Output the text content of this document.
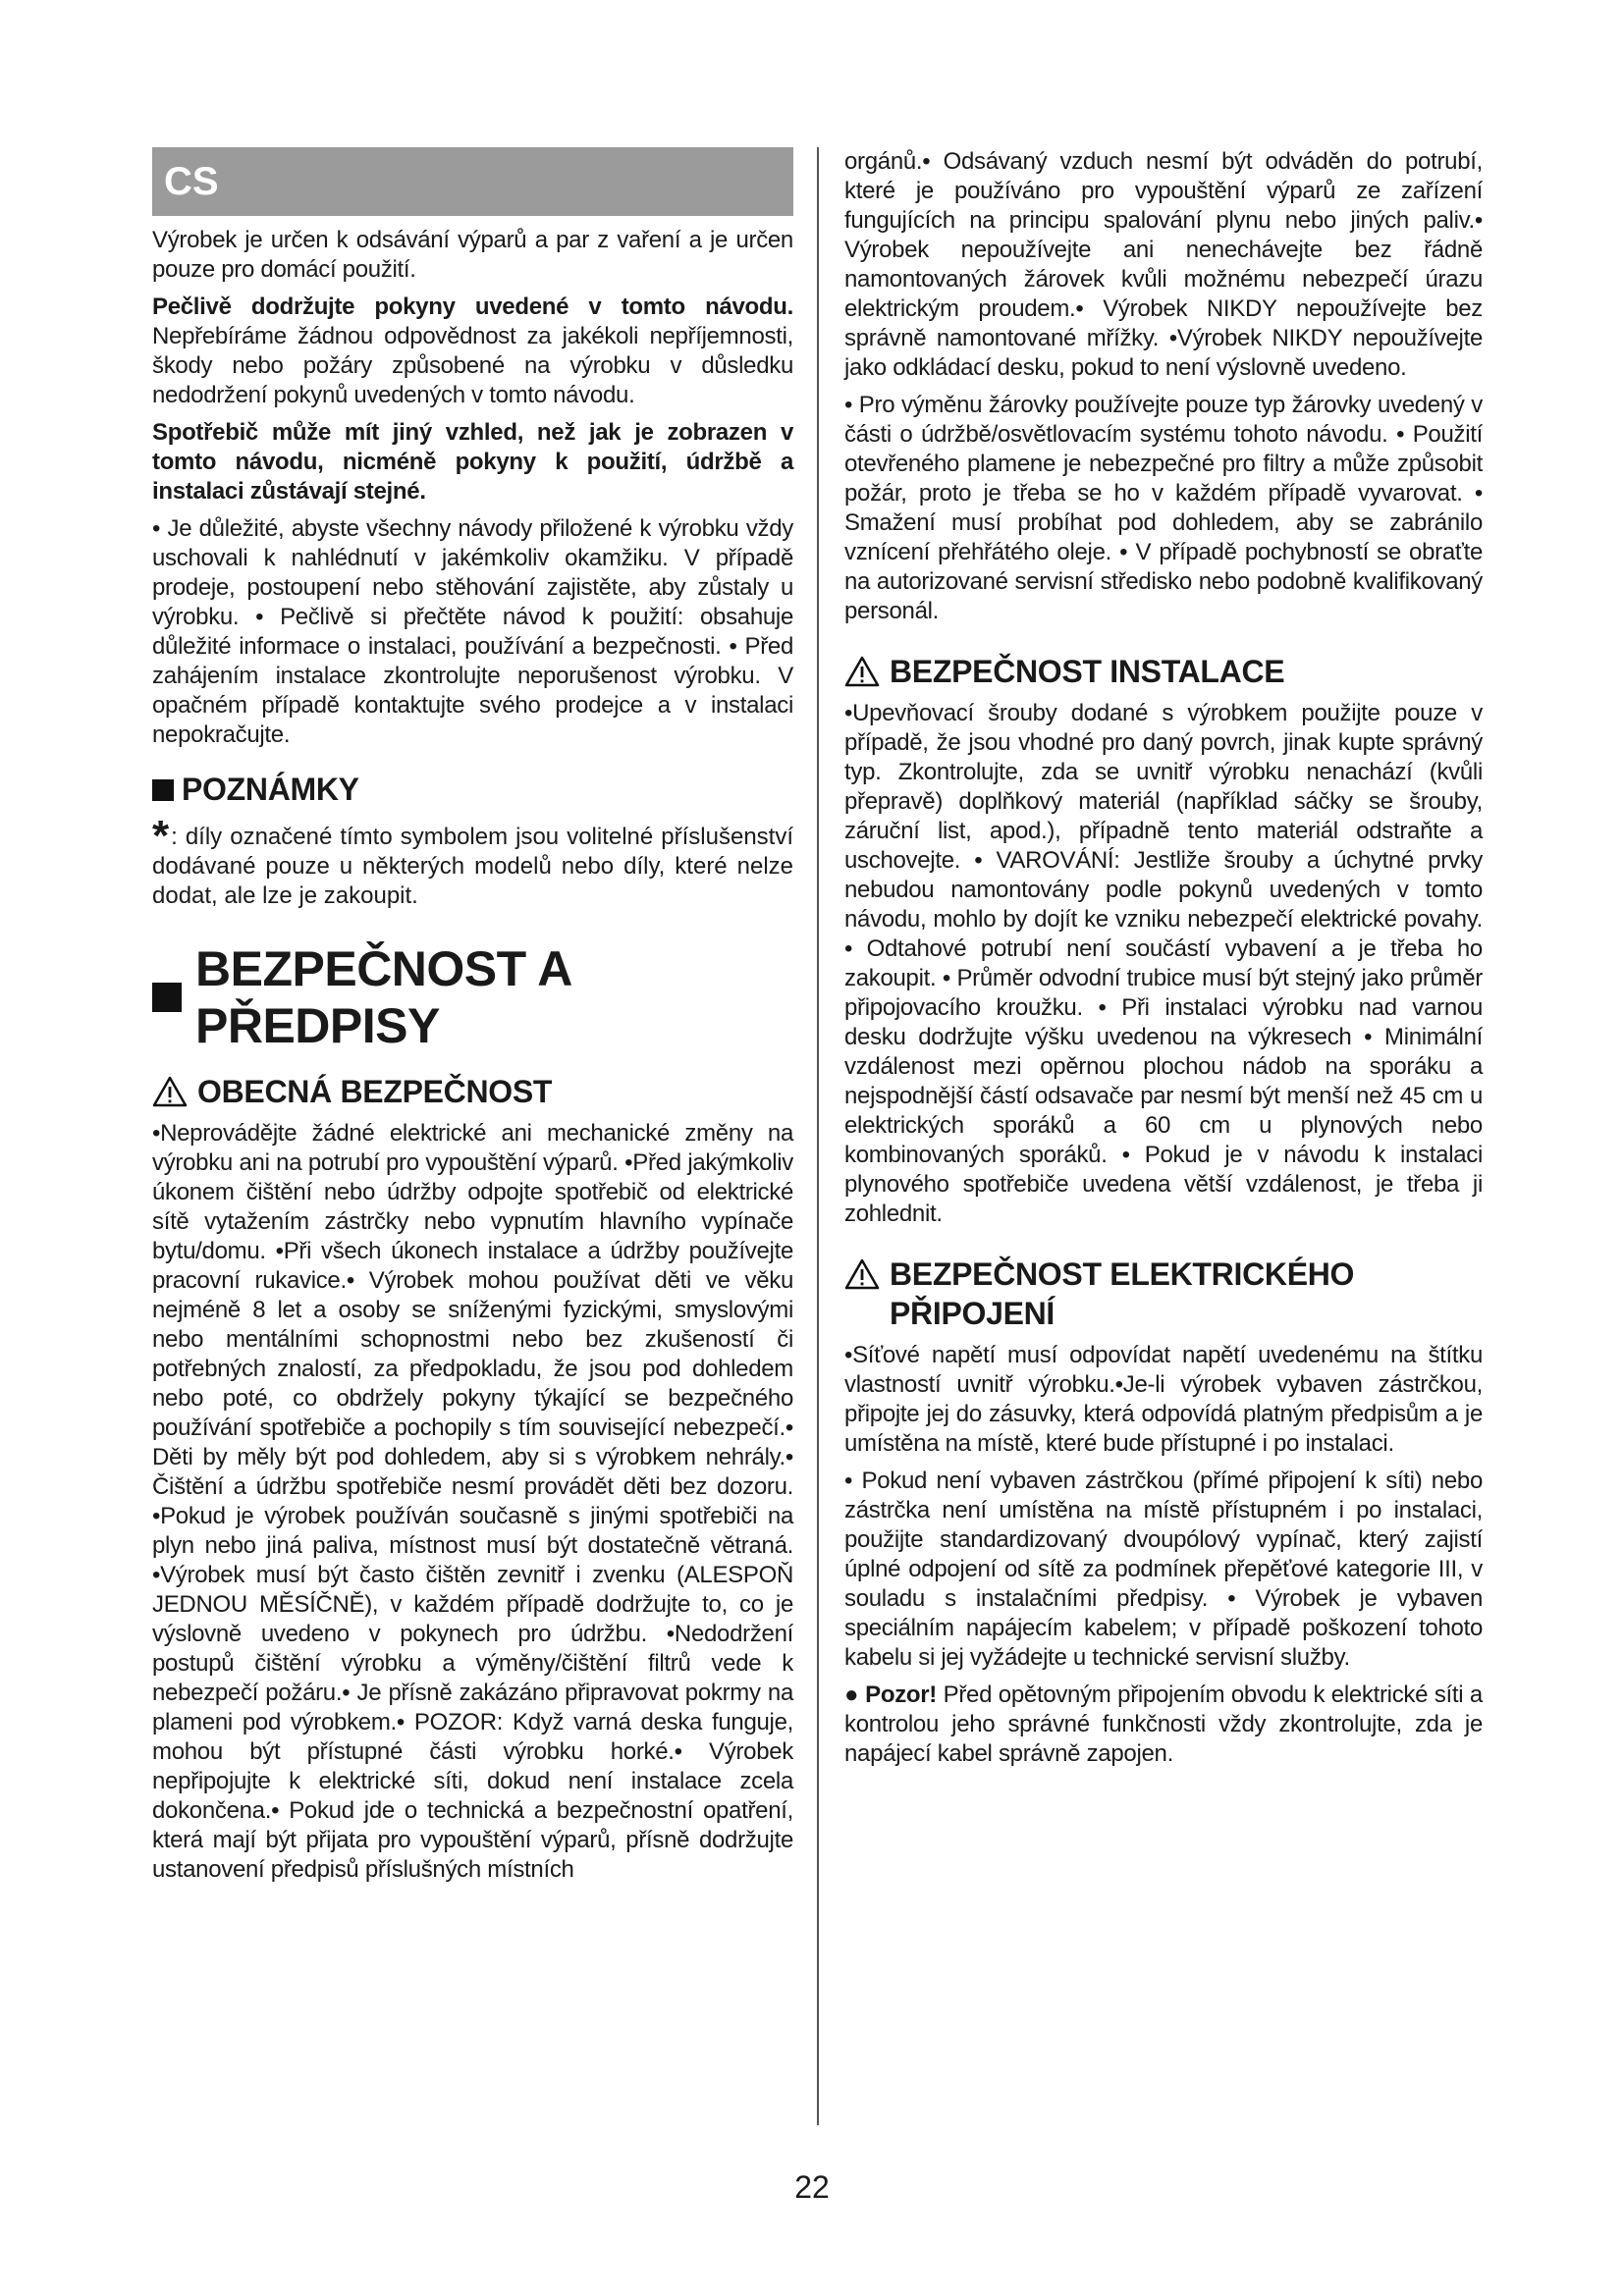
CS

Výrobek je určen k odsávání výparů a par z vaření a je určen pouze pro domácí použití.

Pečlivě dodržujte pokyny uvedené v tomto návodu. Nepřebíráme žádnou odpovědnost za jakékoli nepříjemnosti, škody nebo požáry způsobené na výrobku v důsledku nedodržení pokynů uvedených v tomto návodu.

Spotřebič může mít jiný vzhled, než jak je zobrazen v tomto návodu, nicméně pokyny k použití, údržbě a instalaci zůstávají stejné.

• Je důležité, abyste všechny návody přiložené k výrobku vždy uschovali k nahlédnutí v jakémkoliv okamžiku. V případě prodeje, postoupení nebo stěhování zajistěte, aby zůstaly u výrobku. • Pečlivě si přečtěte návod k použití: obsahuje důležité informace o instalaci, používání a bezpečnosti. • Před zahájením instalace zkontrolujte neporušenost výrobku. V opačném případě kontaktujte svého prodejce a v instalaci nepokračujte.

POZNÁMKY
*: díly označené tímto symbolem jsou volitelné příslušenství dodávané pouze u některých modelů nebo díly, které nelze dodat, ale lze je zakoupit.
BEZPEČNOST A PŘEDPISY
OBECNÁ BEZPEČNOST

•Neprovádějte žádné elektrické ani mechanické změny na výrobku ani na potrubí pro vypouštění výparů. •Před jakýmkoliv úkonem čištění nebo údržby odpojte spotřebič od elektrické sítě vytažením zástrčky nebo vypnutím hlavního vypínače bytu/domu. •Při všech úkonech instalace a údržby používejte pracovní rukavice.• Výrobek mohou používat děti ve věku nejméně 8 let a osoby se sníženými fyzickými, smyslovými nebo mentálními schopnostmi nebo bez zkušeností či potřebných znalostí, za předpokladu, že jsou pod dohledem nebo poté, co obdržely pokyny týkající se bezpečného používání spotřebiče a pochopily s tím související nebezpečí.• Děti by měly být pod dohledem, aby si s výrobkem nehrály.• Čištění a údržbu spotřebiče nesmí provádět děti bez dozoru. •Pokud je výrobek používán současně s jinými spotřebiči na plyn nebo jiná paliva, místnost musí být dostatečně větraná. •Výrobek musí být často čištěn zevnitř i zvenku (ALESPOŇ JEDNOU MĚSÍČNĚ), v každém případě dodržujte to, co je výslovně uvedeno v pokynech pro údržbu. •Nedodržení postupů čištění výrobku a výměny/čištění filtrů vede k nebezpečí požáru.• Je přísně zakázáno připravovat pokrmy na plameni pod výrobkem.• POZOR: Když varná deska funguje, mohou být přístupné části výrobku horké.• Výrobek nepřipojujte k elektrické síti, dokud není instalace zcela dokončena.• Pokud jde o technická a bezpečnostní opatření, která mají být přijata pro vypouštění výparů, přísně dodržujte ustanovení předpisů příslušných místních

orgánů.• Odsávaný vzduch nesmí být odváděn do potrubí, které je používáno pro vypouštění výparů ze zařízení fungujících na principu spalování plynu nebo jiných paliv.• Výrobek nepoužívejte ani nenechávejte bez řádně namontovaných žárovek kvůli možnému nebezpečí úrazu elektrickým proudem.• Výrobek NIKDY nepoužívejte bez správně namontované mřížky. •Výrobek NIKDY nepoužívejte jako odkládací desku, pokud to není výslovně uvedeno.

• Pro výměnu žárovky používejte pouze typ žárovky uvedený v části o údržbě/osvětlovacím systému tohoto návodu. • Použití otevřeného plamene je nebezpečné pro filtry a může způsobit požár, proto je třeba se ho v každém případě vyvarovat. • Smažení musí probíhat pod dohledem, aby se zabránilo vznícení přehřátého oleje. • V případě pochybností se obraťte na autorizované servisní středisko nebo podobně kvalifikovaný personál.

BEZPEČNOST INSTALACE

•Upevňovací šrouby dodané s výrobkem použijte pouze v případě, že jsou vhodné pro daný povrch, jinak kupte správný typ. Zkontrolujte, zda se uvnitř výrobku nenachází (kvůli přepravě) doplňkový materiál (například sáčky se šrouby, záruční list, apod.), případně tento materiál odstraňte a uschovejte. • VAROVÁNÍ: Jestliže šrouby a úchytné prvky nebudou namontovány podle pokynů uvedených v tomto návodu, mohlo by dojít ke vzniku nebezpečí elektrické povahy. • Odtahové potrubí není součástí vybavení a je třeba ho zakoupit. • Průměr odvodní trubice musí být stejný jako průměr připojovacího kroužku. • Při instalaci výrobku nad varnou desku dodržujte výšku uvedenou na výkresech • Minimální vzdálenost mezi opěrnou plochou nádob na sporáku a nejspodnější částí odsavače par nesmí být menší než 45 cm u elektrických sporáků a 60 cm u plynových nebo kombinovaných sporáků. • Pokud je v návodu k instalaci plynového spotřebiče uvedena větší vzdálenost, je třeba ji zohlednit.

BEZPEČNOST ELEKTRICKÉHO
PŘIPOJENÍ

•Síťové napětí musí odpovídat napětí uvedenému na štítku vlastností uvnitř výrobku.•Je-li výrobek vybaven zástrčkou, připojte jej do zásuvky, která odpovídá platným předpisům a je umístěna na místě, které bude přístupné i po instalaci.

• Pokud není vybaven zástrčkou (přímé připojení k síti) nebo zástrčka není umístěna na místě přístupném i po instalaci, použijte standardizovaný dvoupólový vypínač, který zajistí úplné odpojení od sítě za podmínek přepěťové kategorie III, v souladu s instalačními předpisy. • Výrobek je vybaven speciálním napájecím kabelem; v případě poškození tohoto kabelu si jej vyžádejte u technické servisní služby.

● Pozor! Před opětovným připojením obvodu k elektrické síti a kontrolou jeho správné funkčnosti vždy zkontrolujte, zda je napájecí kabel správně zapojen.

22
